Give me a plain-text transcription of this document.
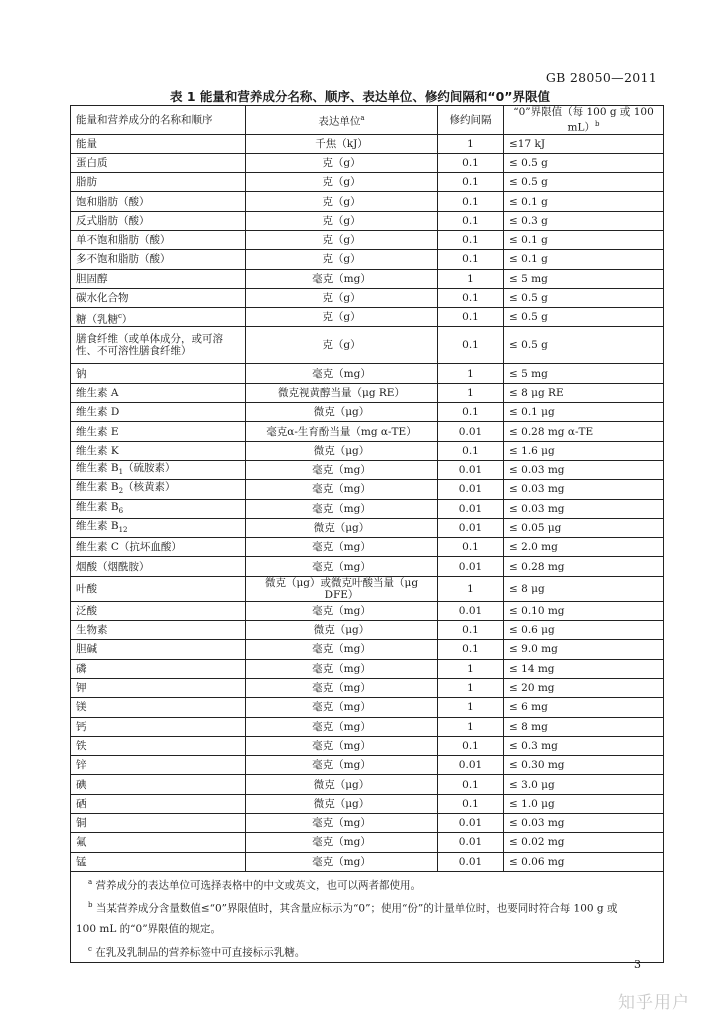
GB 28050—2011
表 1 能量和营养成分名称、顺序、表达单位、修约间隔和“0”界限值
能量和营养成分的名称和顺序	表达单位$^a$	修约间隔	“0”界限值（每 100 g 或 100 mL）$^b$
能量	千焦（kJ）	1	≤17 kJ
蛋白质	克（g）	0.1	≤ 0.5 g
脂肪	克（g）	0.1	≤ 0.5 g
饱和脂肪（酸）	克（g）	0.1	≤ 0.1 g
反式脂肪（酸）	克（g）	0.1	≤ 0.3 g
单不饱和脂肪（酸）	克（g）	0.1	≤ 0.1 g
多不饱和脂肪（酸）	克（g）	0.1	≤ 0.1 g
胆固醇	毫克（mg）	1	≤ 5 mg
碳水化合物	克（g）	0.1	≤ 0.5 g
糖（乳糖$^c$）	克（g）	0.1	≤ 0.5 g
膳食纤维（或单体成分，或可溶性、不可溶性膳食纤维）	克（g）	0.1	≤ 0.5 g
钠	毫克（mg）	1	≤ 5 mg
维生素 A	微克视黄醇当量（μg RE）	1	≤ 8 μg RE
维生素 D	微克（μg）	0.1	≤ 0.1 μg
维生素 E	毫克α-生育酚当量（mg α-TE）	0.01	≤ 0.28 mg α-TE
维生素 K	微克（μg）	0.1	≤ 1.6 μg
维生素 $B_1$（硫胺素）	毫克（mg）	0.01	≤ 0.03 mg
维生素 $B_2$（核黄素）	毫克（mg）	0.01	≤ 0.03 mg
维生素 $B_6$	毫克（mg）	0.01	≤ 0.03 mg
维生素 $B_{12}$	微克（μg）	0.01	≤ 0.05 μg
维生素 C（抗坏血酸）	毫克（mg）	0.1	≤ 2.0 mg
烟酸（烟酰胺）	毫克（mg）	0.01	≤ 0.28 mg
叶酸	微克（μg）或微克叶酸当量（μg DFE）	1	≤ 8 μg
泛酸	毫克（mg）	0.01	≤ 0.10 mg
生物素	微克（μg）	0.1	≤ 0.6 μg
胆碱	毫克（mg）	0.1	≤ 9.0 mg
磷	毫克（mg）	1	≤ 14 mg
钾	毫克（mg）	1	≤ 20 mg
镁	毫克（mg）	1	≤ 6 mg
钙	毫克（mg）	1	≤ 8 mg
铁	毫克（mg）	0.1	≤ 0.3 mg
锌	毫克（mg）	0.01	≤ 0.30 mg
碘	微克（μg）	0.1	≤ 3.0 μg
硒	微克（μg）	0.1	≤ 1.0 μg
铜	毫克（mg）	0.01	≤ 0.03 mg
氟	毫克（mg）	0.01	≤ 0.02 mg
锰	毫克（mg）	0.01	≤ 0.06 mg

$^a$ 营养成分的表达单位可选择表格中的中文或英文，也可以两者都使用。
$^b$ 当某营养成分含量数值≤“0”界限值时，其含量应标示为“0”；使用“份”的计量单位时，也要同时符合每 100 g 或
100 mL 的“0”界限值的规定。
$^c$ 在乳及乳制品的营养标签中可直接标示乳糖。			
3
知乎用户
